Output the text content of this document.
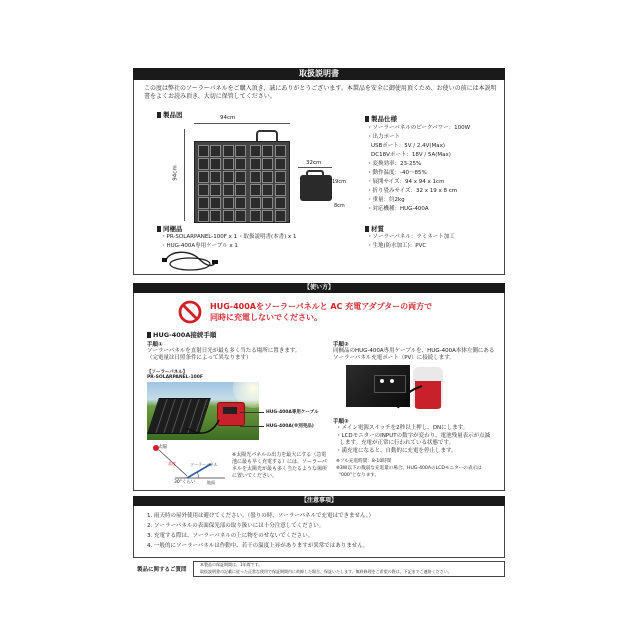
取扱説明書
この度は弊社のソーラーパネルをご購入頂き、誠にありがとうございます。本製品を安全に御使用頂くため、お使いの前には本説明
書をよくお読み頂き、大切に保管してください。
製品図	94cm
94cm
32cm
19cm
8cm
製品仕様
・ソーラーパネルのピークパワー：100W
・出力ポート
USBポート：5V / 2.4V(Max)
DC18Vポート：18V / 5A(Max)
・変換効率：23-25%
・動作温度：-40〜85%
・展開サイズ：94 x 94 x 1cm
・折り畳みサイズ：32 x 19 x 8 cm
・重量：約2kg
・対応機種：HUG-400A
同梱品
・PR-SOLARPANEL-100F x 1 ・取扱説明書(本書) x 1
・HUG-400A専用ケーブル x 1
材質
・ソーラーパネル：ラミネート加工
・生地(防水加工)：PVC
【使い方】
HUG-400Aをソーラーパネルと AC 充電アダプターの両方で
同時に充電しないでください。
HUG-400A接続手順
手順①
ソーラーパネルを直射日光が最も多く当たる場所に置きます。
（完電量は日照条件によって異なります）
【ソーラーパネル】
PR-SOLARPANEL-100F
HUG-400A専用ケーブル
HUG-400A(※別売品)
太陽
高度	ソーラーパネル
30°くらい	地面
※太陽光パネルの出力を最大にする（急電
池に最も早く充電する）には、ソーラーパ
ネルを太陽光が最も多く当たるような場所
に置いてください。
手順②
同梱品のHUG-400A専用ケーブルを、HUG-400A本体左側にある
ソーラーパネル充電ポート（PV）に接続します。
手順③
・メイン電源スイッチを2秒以上押し、ONにします。
・LCDモニターのINPUTの数字が変わり、電池残量表示が点滅
します。充電が正常に行われている状態です。
・満充電になると、自動的に充電を停止します。
※フル充電時間：8-10時間
※3W以下の微弱な充電量の場合、HUG-400AのLCDモニターの表示は
"000"となります。
【注意事項】
1. 雨天時の屋外使用は避けてください。（曇りの時、ソーラーパネルで充電はできません。）
2. ソーラーパネルの表面保光部の取り扱いには十分注意してください。
3. 充電する際は、ソーラーパネルの上に物をのせないでください。
4. 一般的にソーラーパネルは作動中、若干の温度上昇がありますが異常ではありません。
製品に関するご質問
本製品の保証期間は、1年間です。
取扱説明書の記載に従った正常な使用で保証期間内に故障した場合、保証いたします。無料修理をご希望の際は、下記までご連絡ください。
